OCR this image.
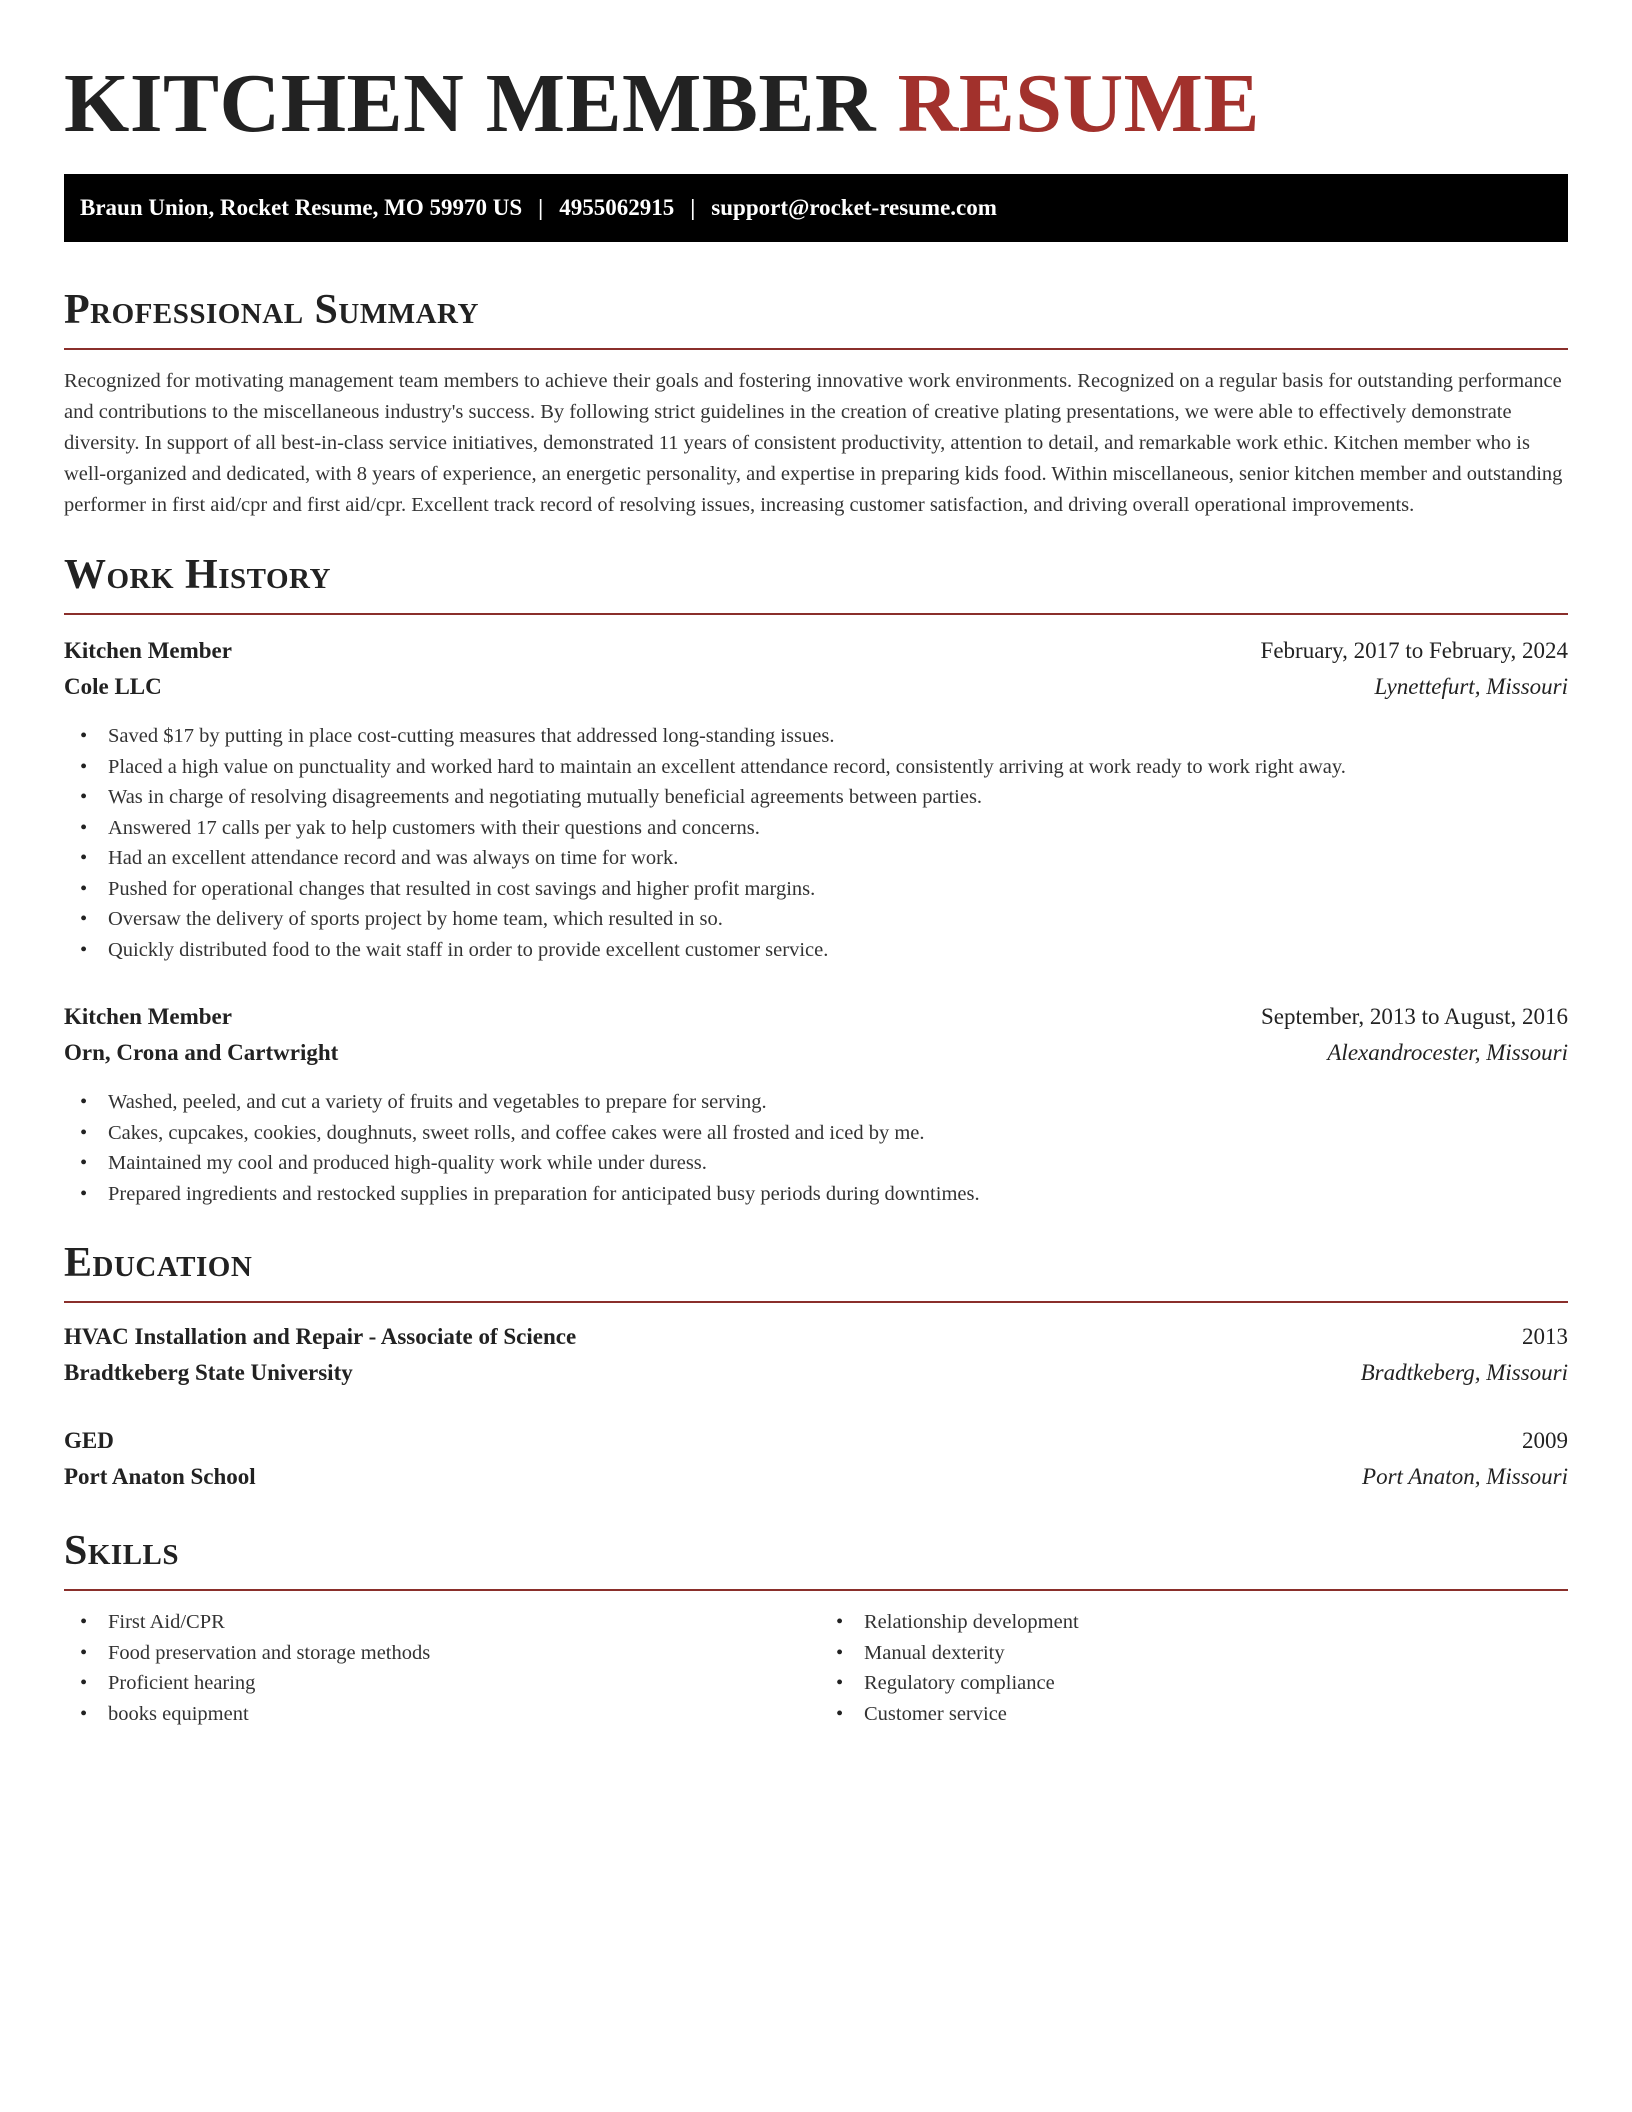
KITCHEN MEMBER RESUME
Braun Union, Rocket Resume, MO 59970 US | 4955062915 | support@rocket-resume.com
Professional Summary

Recognized for motivating management team members to achieve their goals and fostering innovative work environments. Recognized on a regular basis for outstanding performance and contributions to the miscellaneous industry's success. By following strict guidelines in the creation of creative plating presentations, we were able to effectively demonstrate diversity. In support of all best-in-class service initiatives, demonstrated 11 years of consistent productivity, attention to detail, and remarkable work ethic. Kitchen member who is well-organized and dedicated, with 8 years of experience, an energetic personality, and expertise in preparing kids food. Within miscellaneous, senior kitchen member and outstanding performer in first aid/cpr and first aid/cpr. Excellent track record of resolving issues, increasing customer satisfaction, and driving overall operational improvements.

Work History
Kitchen Member	February, 2017 to February, 2024
Cole LLC	Lynettefurt, Missouri
• Saved $17 by putting in place cost-cutting measures that addressed long-standing issues.
• Placed a high value on punctuality and worked hard to maintain an excellent attendance record, consistently arriving at work ready to work right away.
• Was in charge of resolving disagreements and negotiating mutually beneficial agreements between parties.
• Answered 17 calls per yak to help customers with their questions and concerns.
• Had an excellent attendance record and was always on time for work.
• Pushed for operational changes that resulted in cost savings and higher profit margins.
• Oversaw the delivery of sports project by home team, which resulted in so.
• Quickly distributed food to the wait staff in order to provide excellent customer service.
Kitchen Member	September, 2013 to August, 2016
Orn, Crona and Cartwright	Alexandrocester, Missouri
• Washed, peeled, and cut a variety of fruits and vegetables to prepare for serving.
• Cakes, cupcakes, cookies, doughnuts, sweet rolls, and coffee cakes were all frosted and iced by me.
• Maintained my cool and produced high-quality work while under duress.
• Prepared ingredients and restocked supplies in preparation for anticipated busy periods during downtimes.
Education
HVAC Installation and Repair - Associate of Science	2013
Bradtkeberg State University	Bradtkeberg, Missouri
GED	2009
Port Anaton School	Port Anaton, Missouri
Skills
• First Aid/CPR
• Food preservation and storage methods
• Proficient hearing
• books equipment
• Relationship development
• Manual dexterity
• Regulatory compliance
• Customer service
